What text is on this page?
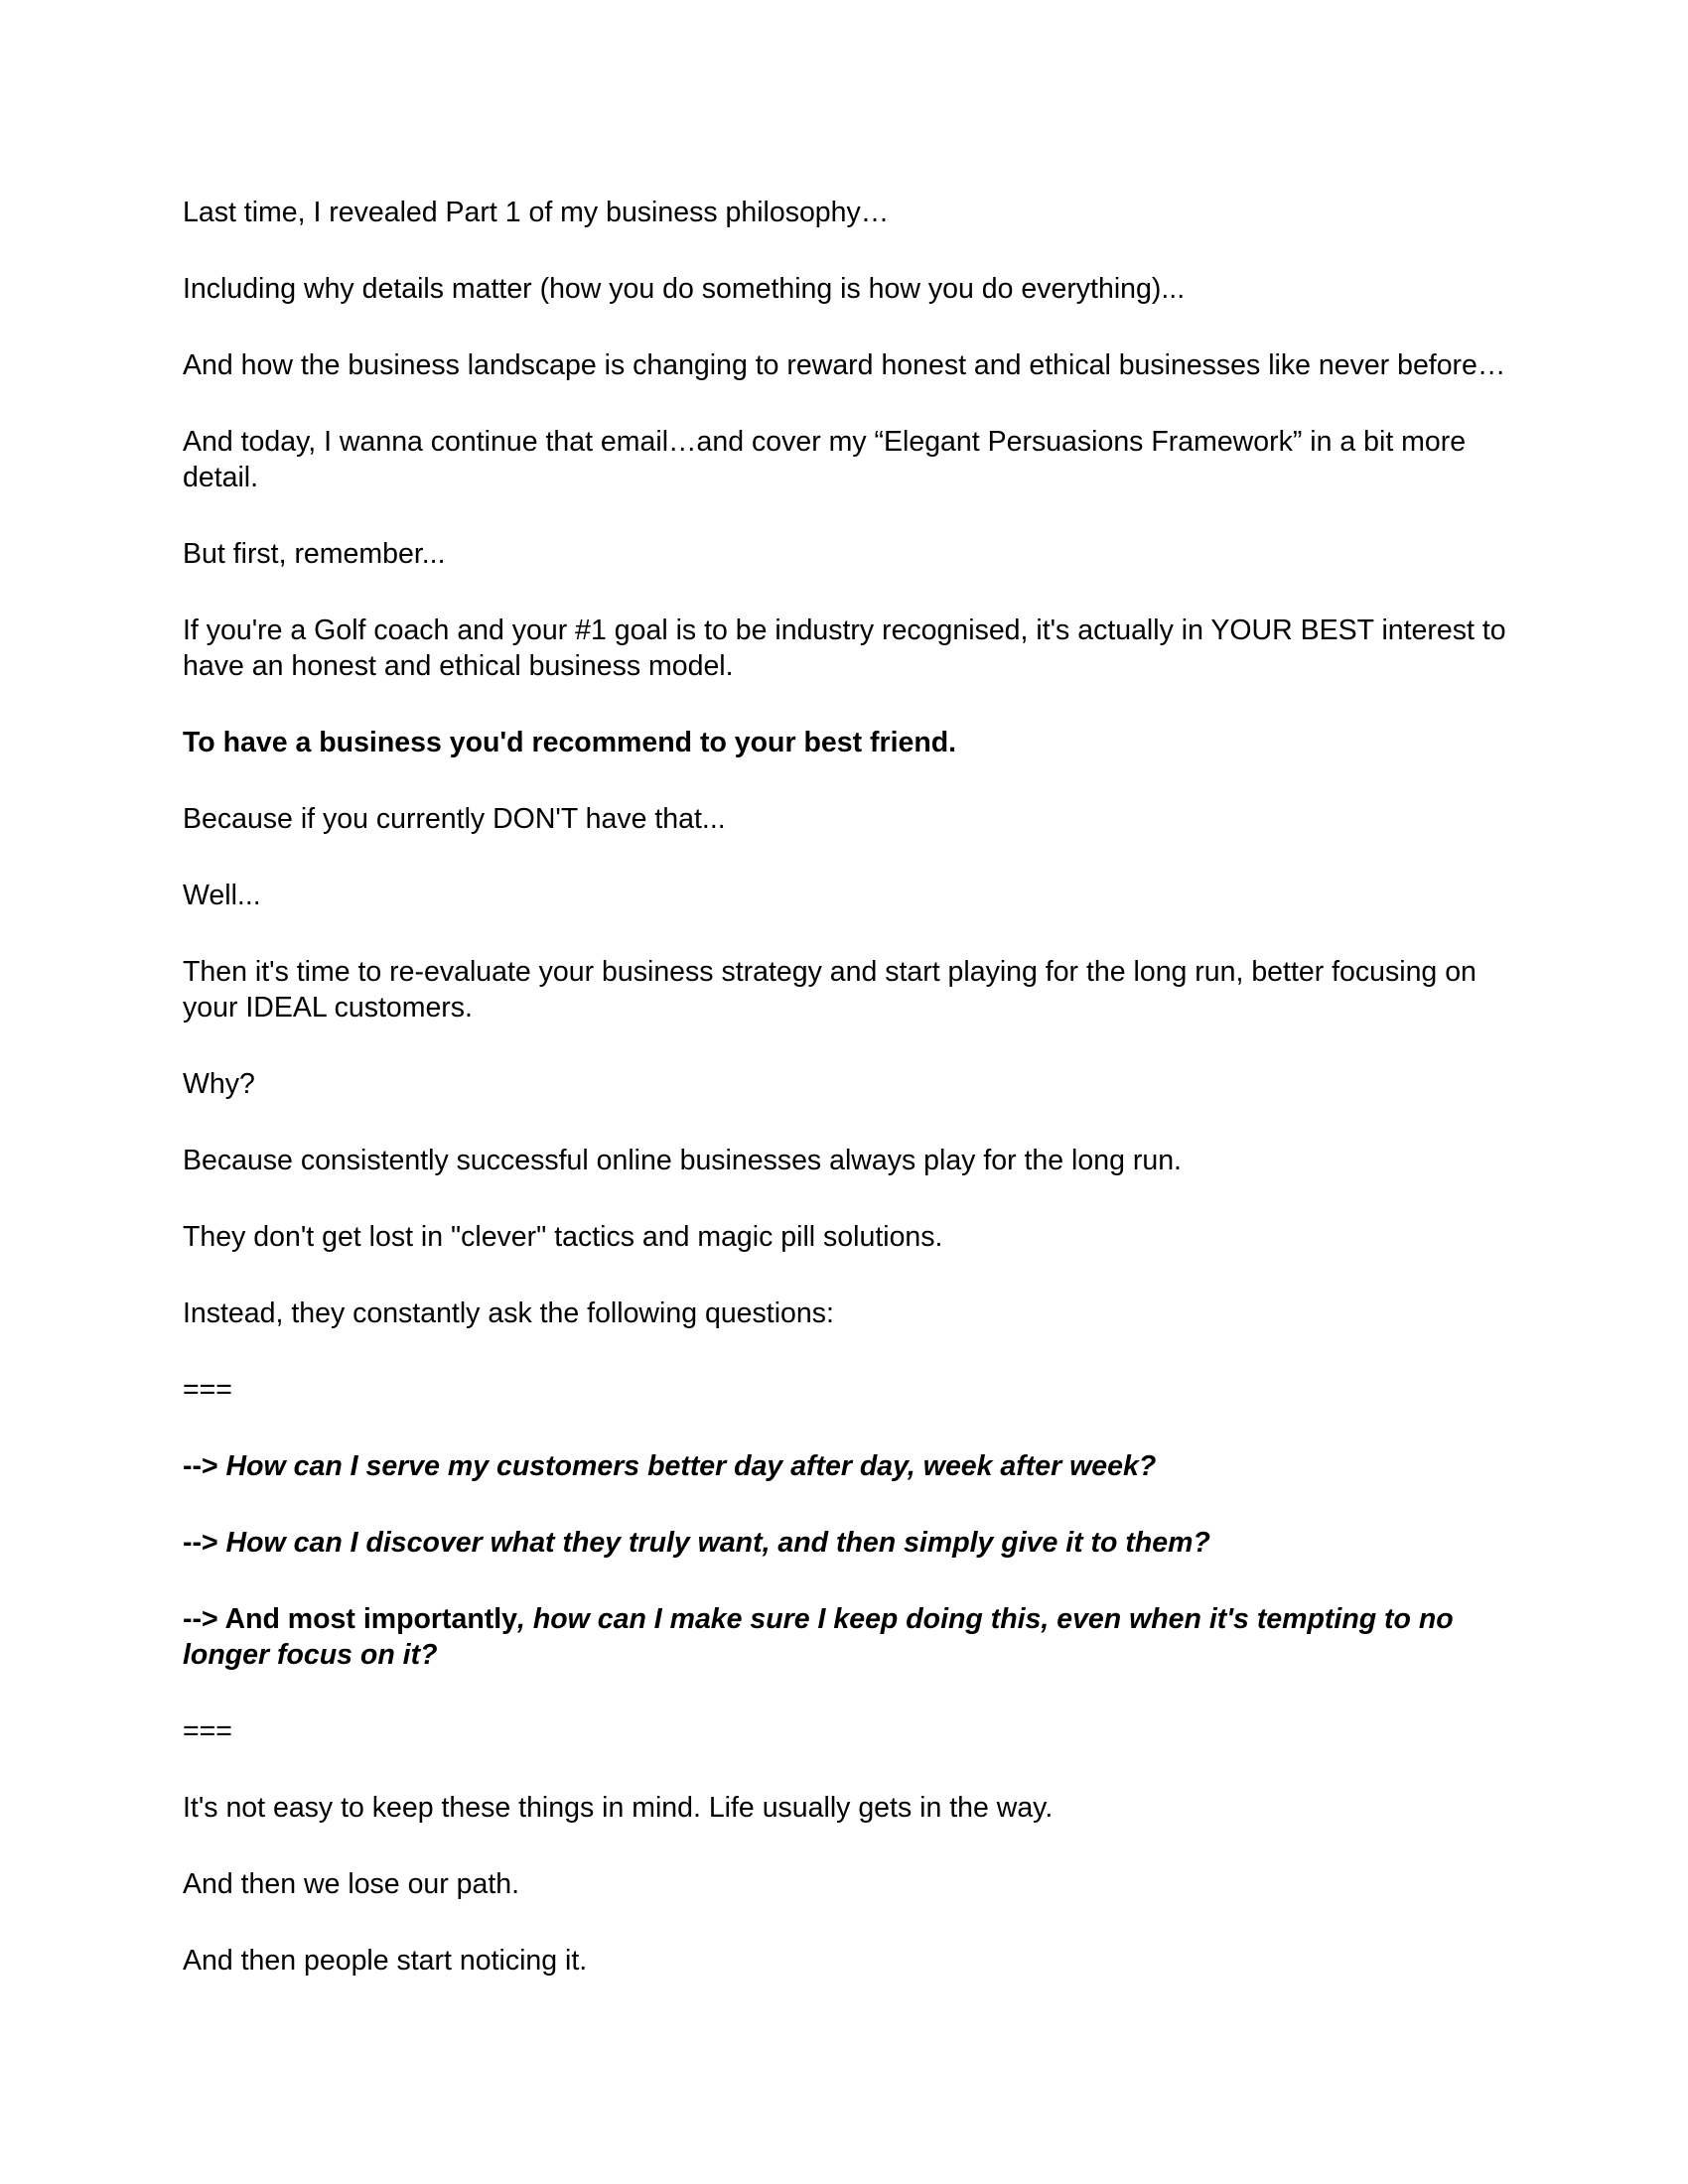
Last time, I revealed Part 1 of my business philosophy…

Including why details matter (how you do something is how you do everything)...

And how the business landscape is changing to reward honest and ethical businesses like never before…

And today, I wanna continue that email…and cover my “Elegant Persuasions Framework” in a bit more detail.

But first, remember...

If you're a Golf coach and your #1 goal is to be industry recognised, it's actually in YOUR BEST interest to have an honest and ethical business model.

To have a business you'd recommend to your best friend.

Because if you currently DON'T have that...

Well...

Then it's time to re-evaluate your business strategy and start playing for the long run, better focusing on your IDEAL customers.

Why?

Because consistently successful online businesses always play for the long run.

They don't get lost in "clever" tactics and magic pill solutions.

Instead, they constantly ask the following questions:

===

--> How can I serve my customers better day after day, week after week?

--> How can I discover what they truly want, and then simply give it to them?

--> And most importantly, how can I make sure I keep doing this, even when it's tempting to no longer focus on it?

===

It's not easy to keep these things in mind. Life usually gets in the way.

And then we lose our path.

And then people start noticing it.
